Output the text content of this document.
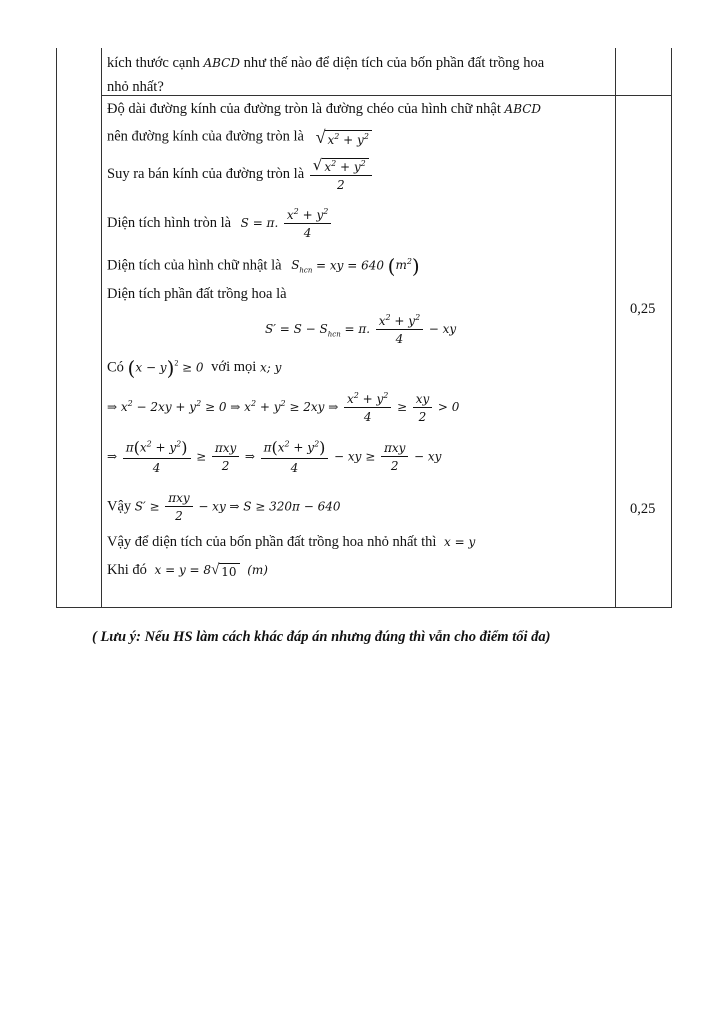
kích thước cạnh ABCD như thế nào để diện tích của bốn phần đất trồng hoa
nhỏ nhất?
Độ dài đường kính của đường tròn là đường chéo của hình chữ nhật ABCD
nên đường kính của đường tròn là √ $x^2 + y^2$
Suy ra bán kính của đường tròn là $\frac{√ x^2 + y^2}{2}$
Diện tích hình tròn là S = π. $\frac{x^2 + y^2}{4}$
Diện tích của hình chữ nhật là $S_{hcn}$ = xy = 640 $(m^2)$
Diện tích phần đất trồng hoa là
$S' = S - S_{hcn} = \pi$. $\frac{x^2 + y^2}{4}$ − xy
Có $(x - y)^2 \ge 0$ với mọi x; y
⇒ $x^2 - 2xy + y^2 \ge 0$ ⇒ $x^2 + y^2 \ge 2xy$ ⇒ $\frac{x^2 + y^2}{4} \ge \frac{xy}{2} > 0$
⇒ $\frac{\pi(x^2 + y^2)}{4} \ge \frac{\text{πxy}}{2}$ ⇒ $\frac{\pi(x^2 + y^2)}{4}$ − xy ≥ $\frac{\text{πxy}}{2}$ − xy
Vậy $S' \ge \frac{\text{πxy}}{2}$ − xy ⇒ S ≥ 320π − 640
Vậy để diện tích của bốn phần đất trồng hoa nhỏ nhất thì x = y
Khi đó x = y = 8 √ 10 (m)
0,25
0,25
( Lưu ý: Nếu HS làm cách khác đáp án nhưng đúng thì vẫn cho điểm tối đa)
